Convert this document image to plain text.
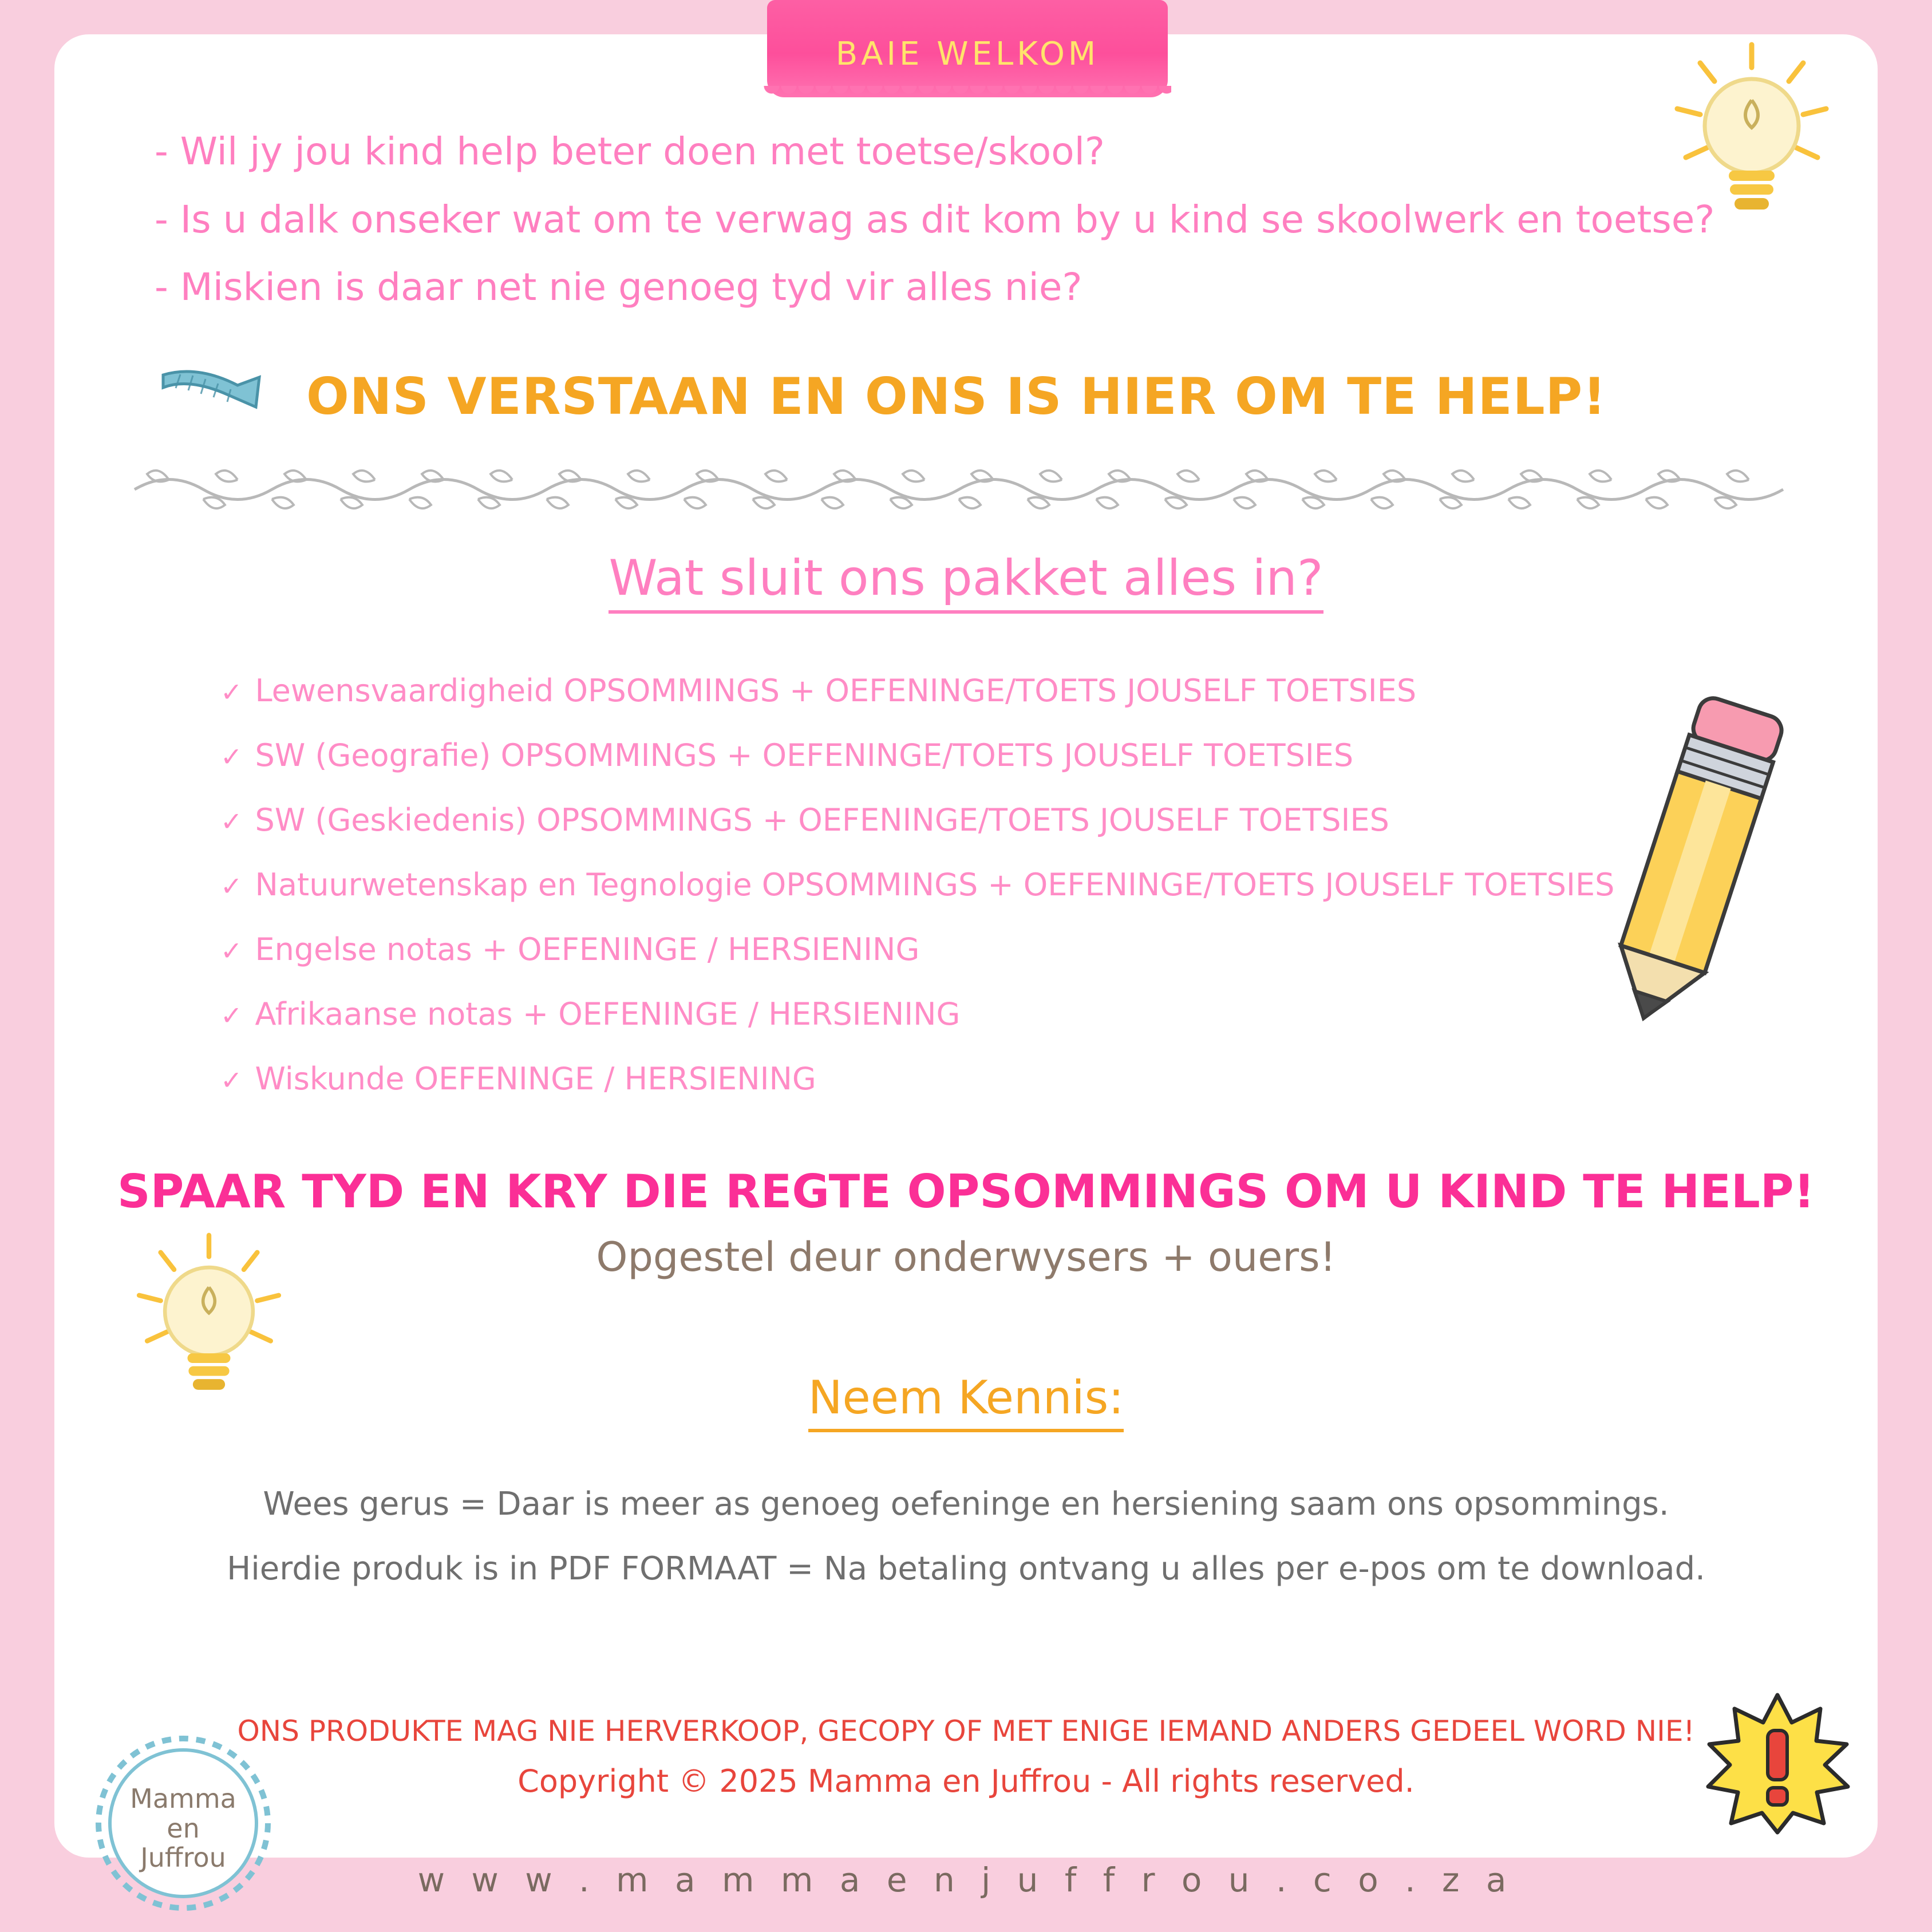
BAIE WELKOM
- Wil jy jou kind help beter doen met toetse/skool?
- Is u dalk onseker wat om te verwag as dit kom by u kind se skoolwerk en toetse?
- Miskien is daar net nie genoeg tyd vir alles nie?
ONS VERSTAAN EN ONS IS HIER OM TE HELP!
Wat sluit ons pakket alles in?
✓ Lewensvaardigheid OPSOMMINGS + OEFENINGE/TOETS JOUSELF TOETSIES
✓ SW (Geografie) OPSOMMINGS + OEFENINGE/TOETS JOUSELF TOETSIES
✓ SW (Geskiedenis) OPSOMMINGS + OEFENINGE/TOETS JOUSELF TOETSIES
✓ Natuurwetenskap en Tegnologie OPSOMMINGS + OEFENINGE/TOETS JOUSELF TOETSIES
✓ Engelse notas + OEFENINGE / HERSIENING
✓ Afrikaanse notas + OEFENINGE / HERSIENING
✓ Wiskunde OEFENINGE / HERSIENING
SPAAR TYD EN KRY DIE REGTE OPSOMMINGS OM U KIND TE HELP!
Opgestel deur onderwysers + ouers!
Neem Kennis:
Wees gerus = Daar is meer as genoeg oefeninge en hersiening saam ons opsommings.
Hierdie produk is in PDF FORMAAT = Na betaling ontvang u alles per e-pos om te download.
ONS PRODUKTE MAG NIE HERVERKOOP, GECOPY OF MET ENIGE IEMAND ANDERS GEDEEL WORD NIE!
Copyright © 2025 Mamma en Juffrou - All rights reserved.
w w w . m a m m a e n j u f f r o u . c o . z a
Mamma
en
Juffrou
